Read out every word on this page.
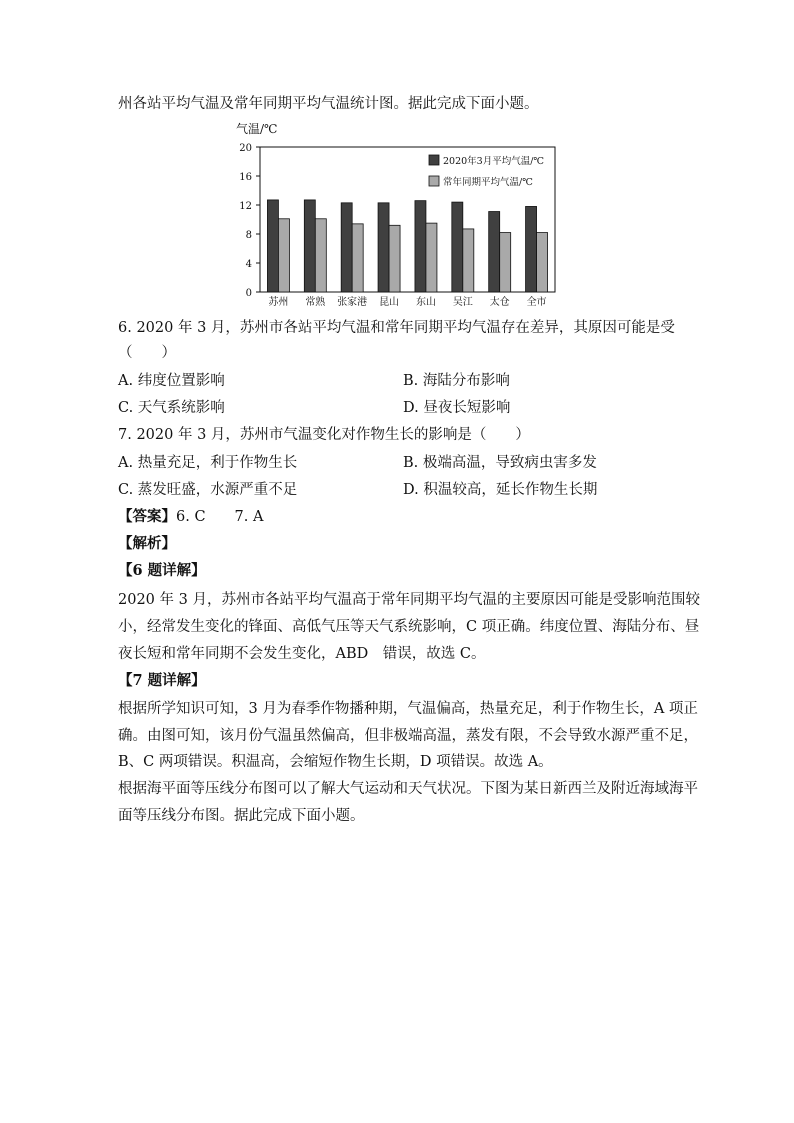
州各站平均气温及常年同期平均气温统计图。据此完成下面小题。
气温/℃
苏州 常熟 张家港 昆山 东山 吴江 太仓 全市
0
4
8
12
16
20
2020年3月平均气温/℃
常年同期平均气温/℃
6. 2020 年 3 月，苏州市各站平均气温和常年同期平均气温存在差异，其原因可能是受
（　　）
A. 纬度位置影响	B. 海陆分布影响
C. 天气系统影响	D. 昼夜长短影响
7. 2020 年 3 月，苏州市气温变化对作物生长的影响是（　　）
A. 热量充足，利于作物生长	B. 极端高温，导致病虫害多发
C. 蒸发旺盛，水源严重不足	D. 积温较高，延长作物生长期
【答案】6. C　　7. A
【解析】
【6 题详解】
2020 年 3 月，苏州市各站平均气温高于常年同期平均气温的主要原因可能是受影响范围较
小，经常发生变化的锋面、高低气压等天气系统影响，C 项正确。纬度位置、海陆分布、昼
夜长短和常年同期不会发生变化，ABD　错误，故选 C。
【7 题详解】
根据所学知识可知，3 月为春季作物播种期，气温偏高，热量充足，利于作物生长，A 项正
确。由图可知，该月份气温虽然偏高，但非极端高温，蒸发有限，不会导致水源严重不足，
B、C 两项错误。积温高，会缩短作物生长期，D 项错误。故选 A。
根据海平面等压线分布图可以了解大气运动和天气状况。下图为某日新西兰及附近海域海平
面等压线分布图。据此完成下面小题。
